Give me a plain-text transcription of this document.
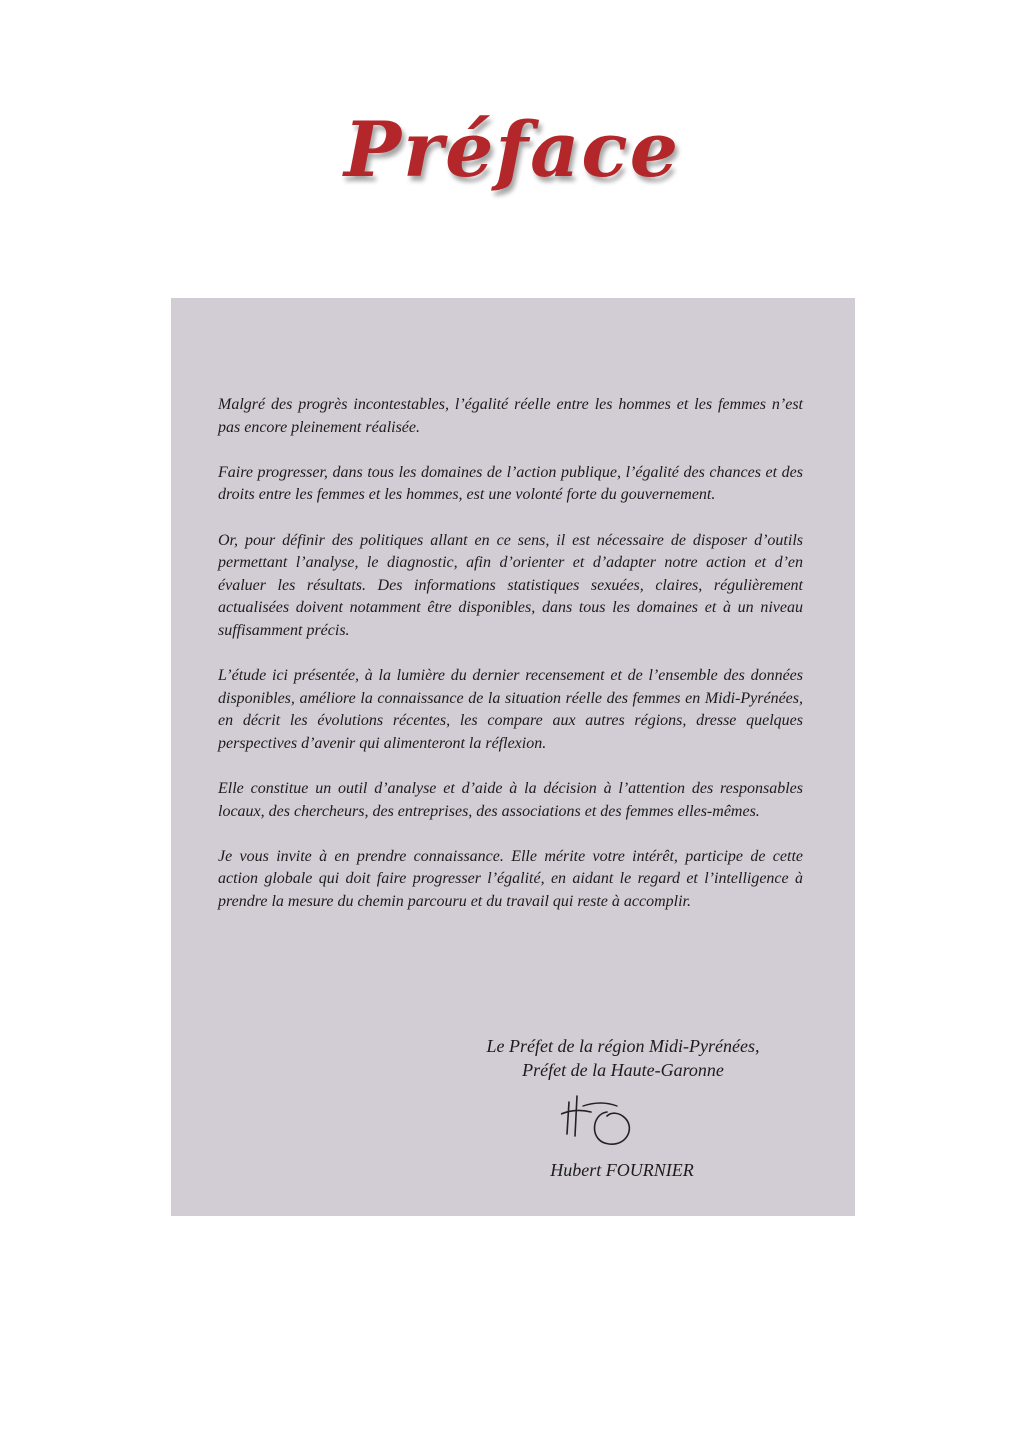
Préface

Malgré des progrès incontestables, l’égalité réelle entre les hommes et les femmes n’est pas encore pleinement réalisée.

Faire progresser, dans tous les domaines de l’action publique, l’égalité des chances et des droits entre les femmes et les hommes, est une volonté forte du gouvernement.

Or, pour définir des politiques allant en ce sens, il est nécessaire de disposer d’outils permettant l’analyse, le diagnostic, afin d’orienter et d’adapter notre action et d’en évaluer les résultats. Des informations statistiques sexuées, claires, régulièrement actualisées doivent notamment être disponibles, dans tous les domaines et à un niveau suffisamment précis.

L’étude ici présentée, à la lumière du dernier recensement et de l’ensemble des données disponibles, améliore la connaissance de la situation réelle des femmes en Midi-Pyrénées, en décrit les évolutions récentes, les compare aux autres régions, dresse quelques perspectives d’avenir qui alimenteront la réflexion.

Elle constitue un outil d’analyse et d’aide à la décision à l’attention des responsables locaux, des chercheurs, des entreprises, des associations et des femmes elles-mêmes.

Je vous invite à en prendre connaissance. Elle mérite votre intérêt, participe de cette action globale qui doit faire progresser l’égalité, en aidant le regard et l’intelligence à prendre la mesure du chemin parcouru et du travail qui reste à accomplir.

Le Préfet de la région Midi-Pyrénées,
Préfet de la Haute-Garonne
Hubert FOURNIER
